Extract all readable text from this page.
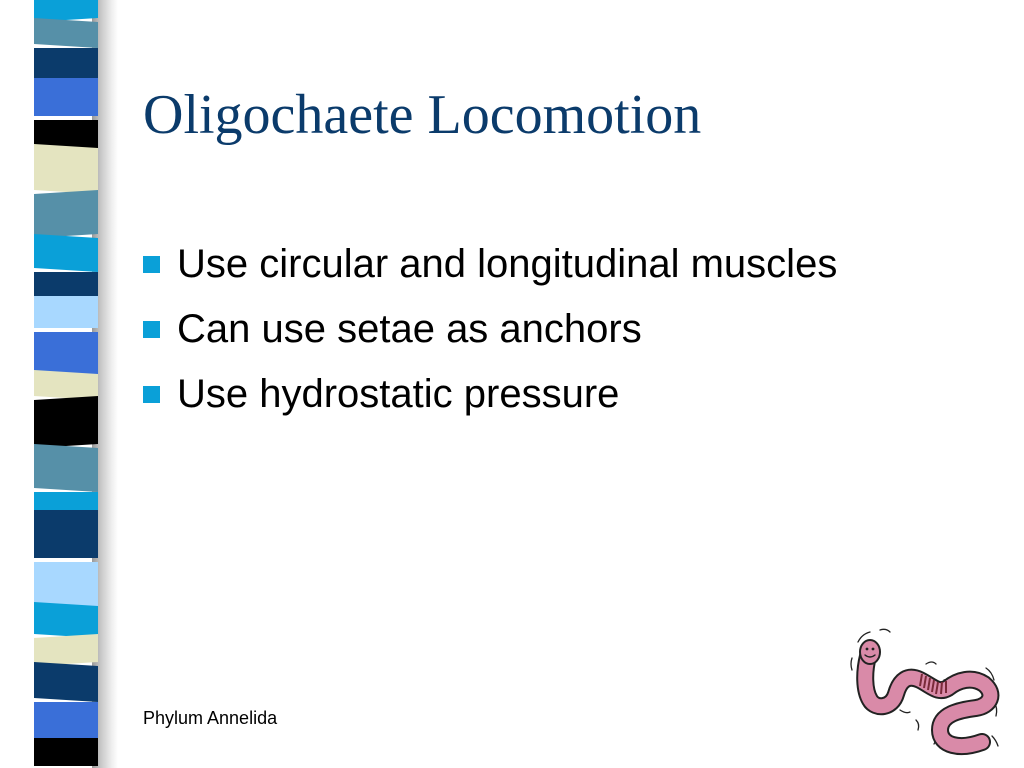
Oligochaete Locomotion
Use circular and longitudinal muscles
Can use setae as anchors
Use hydrostatic pressure
Phylum Annelida
